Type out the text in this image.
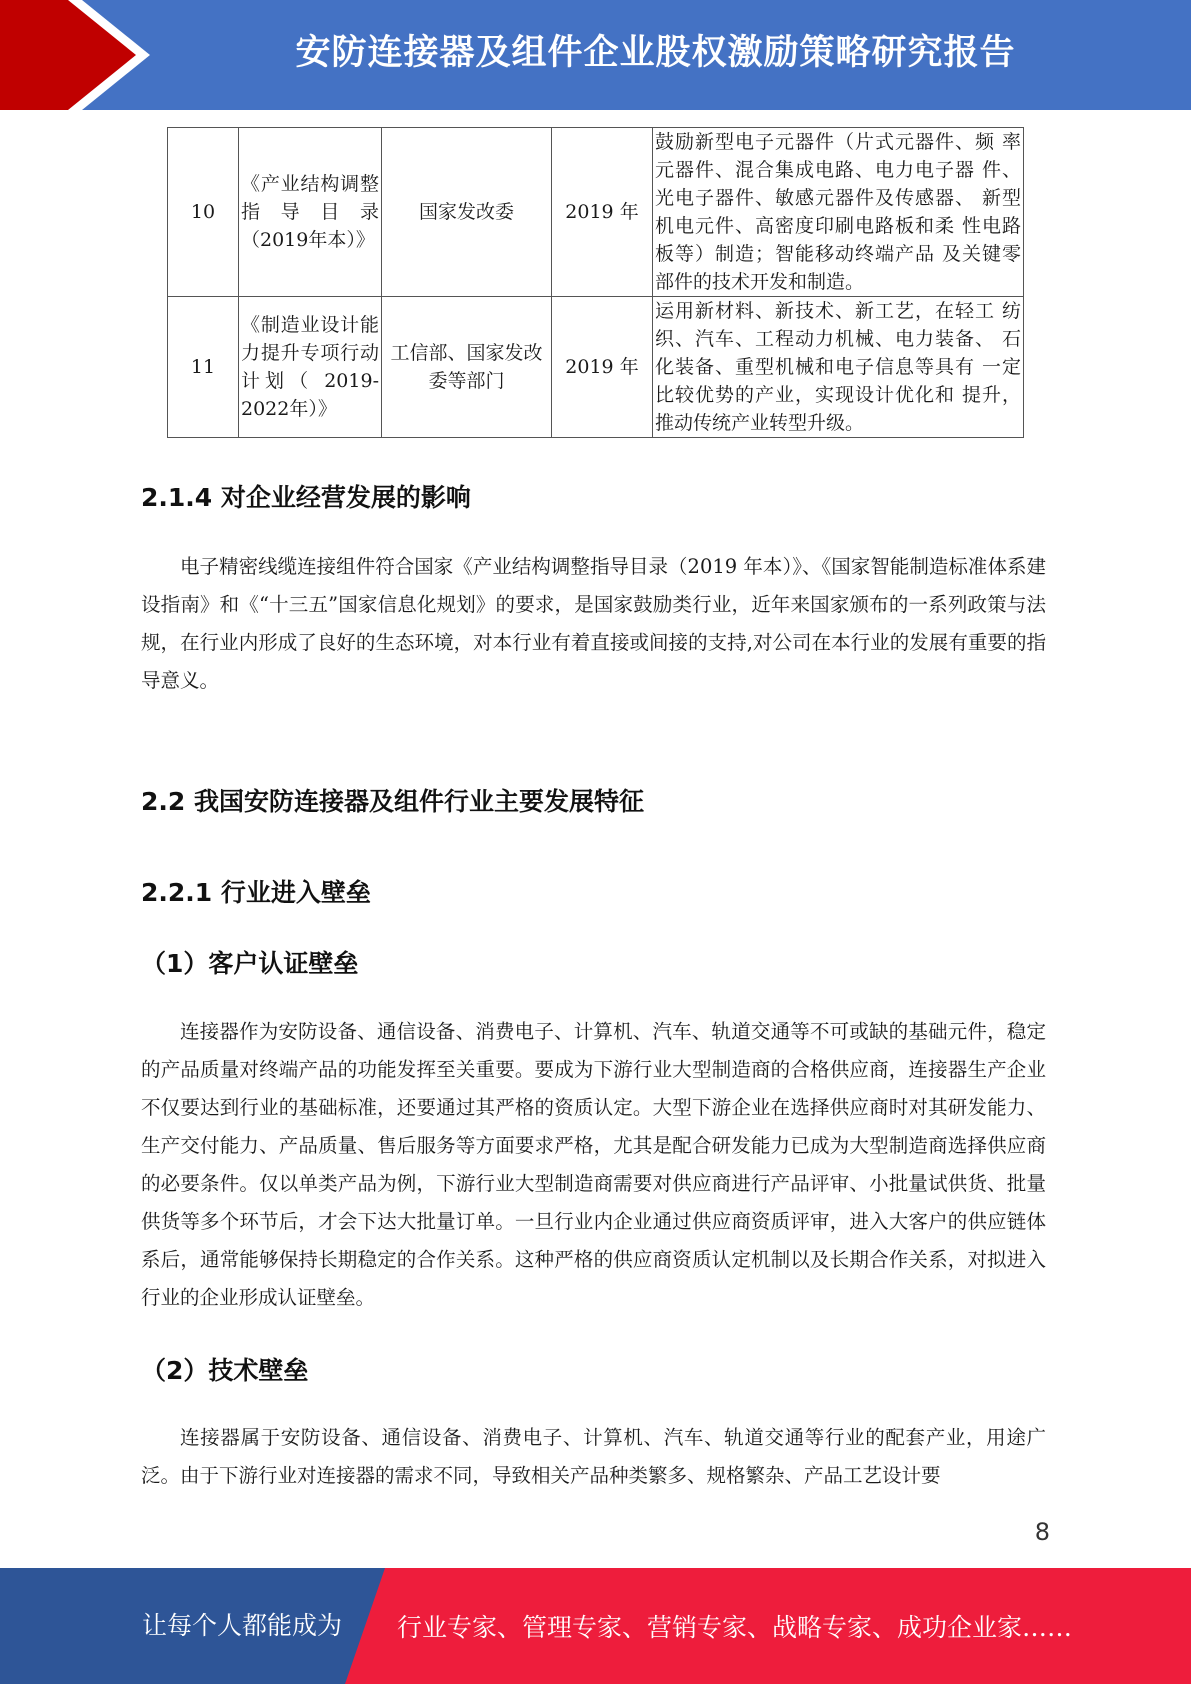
安防连接器及组件企业股权激励策略研究报告
10	《产业结构调整指导目录（2019年本）》	国家发改委	2019 年	鼓励新型电子元器件（片式元器件、频 率元器件、混合集成电路、电力电子器 件、光电子器件、敏感元器件及传感器、 新型机电元件、高密度印刷电路板和柔 性电路板等）制造；智能移动终端产品 及关键零部件的技术开发和制造。
11	《制造业设计能力提升专项行动计划（ 2019-2022年）》	工信部、国家发改委等部门	2019 年	运用新材料、新技术、新工艺，在轻工 纺织、汽车、工程动力机械、电力装备、 石化装备、重型机械和电子信息等具有 一定比较优势的产业，实现设计优化和 提升，推动传统产业转型升级。
2.1.4 对企业经营发展的影响
电子精密线缆连接组件符合国家《产业结构调整指导目录（2019 年本）》、《国家智能制造标准体系建设指南》和《“十三五”国家信息化规划》的要求，是国家鼓励类行业，近年来国家颁布的一系列政策与法规，在行业内形成了良好的生态环境，对本行业有着直接或间接的支持,对公司在本行业的发展有重要的指导意义。
2.2 我国安防连接器及组件行业主要发展特征
2.2.1 行业进入壁垒
（1）客户认证壁垒
连接器作为安防设备、通信设备、消费电子、计算机、汽车、轨道交通等不可或缺的基础元件，稳定的产品质量对终端产品的功能发挥至关重要。要成为下游行业大型制造商的合格供应商，连接器生产企业不仅要达到行业的基础标准，还要通过其严格的资质认定。大型下游企业在选择供应商时对其研发能力、生产交付能力、产品质量、售后服务等方面要求严格，尤其是配合研发能力已成为大型制造商选择供应商的必要条件。仅以单类产品为例，下游行业大型制造商需要对供应商进行产品评审、小批量试供货、批量供货等多个环节后，才会下达大批量订单。一旦行业内企业通过供应商资质评审，进入大客户的供应链体系后，通常能够保持长期稳定的合作关系。这种严格的供应商资质认定机制以及长期合作关系，对拟进入行业的企业形成认证壁垒。
（2）技术壁垒
连接器属于安防设备、通信设备、消费电子、计算机、汽车、轨道交通等行业的配套产业，用途广泛。由于下游行业对连接器的需求不同，导致相关产品种类繁多、规格繁杂、产品工艺设计要
8
让每个人都能成为 行业专家、管理专家、营销专家、战略专家、成功企业家……
